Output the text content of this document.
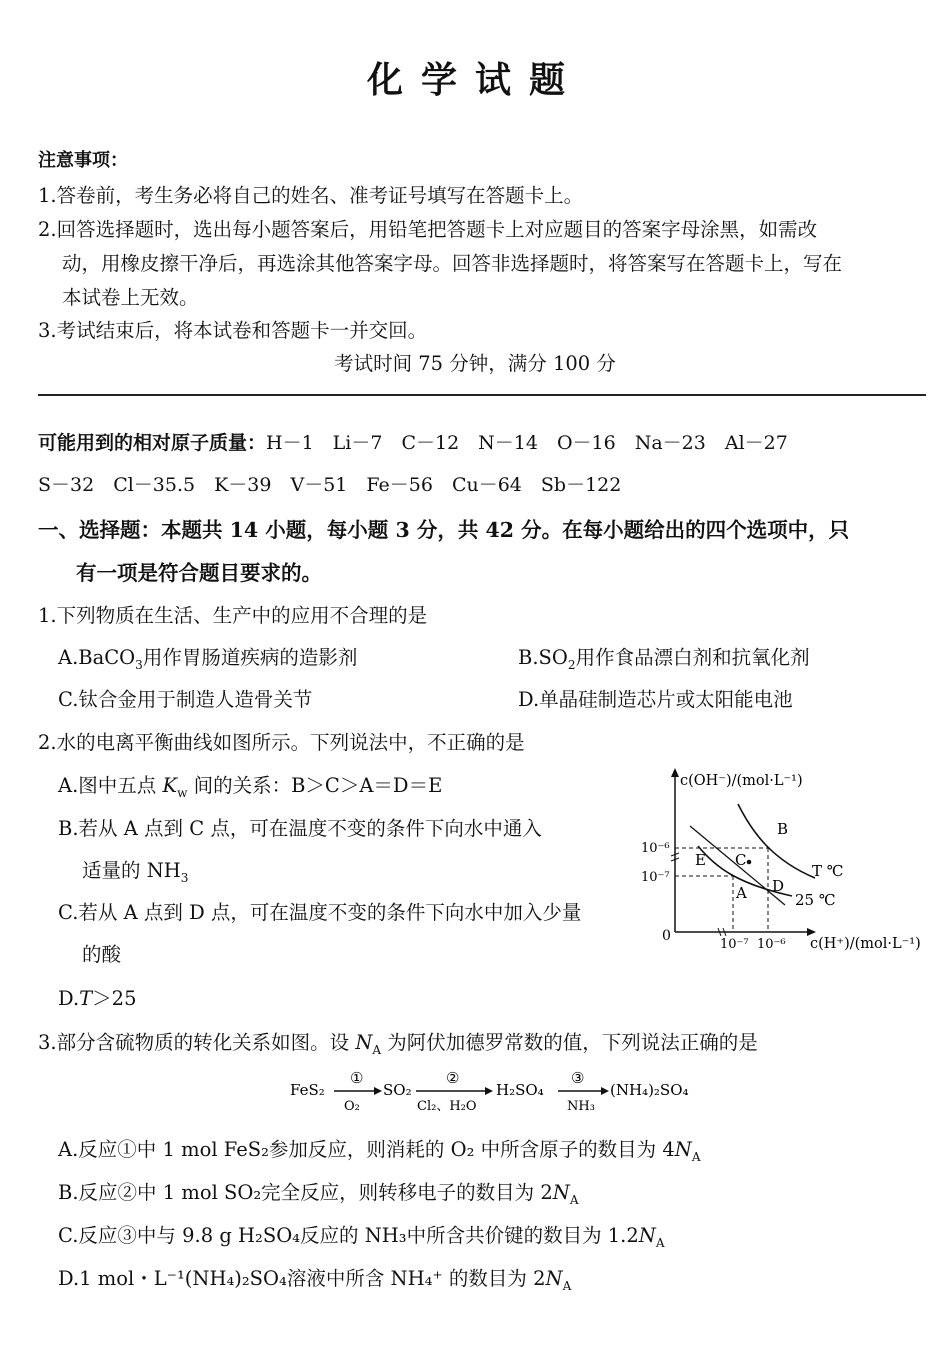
化学试题
注意事项：
1.答卷前，考生务必将自己的姓名、准考证号填写在答题卡上。
2.回答选择题时，选出每小题答案后，用铅笔把答题卡上对应题目的答案字母涂黑，如需改
动，用橡皮擦干净后，再选涂其他答案字母。回答非选择题时，将答案写在答题卡上，写在
本试卷上无效。
3.考试结束后，将本试卷和答题卡一并交回。
考试时间 75 分钟，满分 100 分
可能用到的相对原子质量：H－1　Li－7　C－12　N－14　O－16　Na－23　Al－27
S－32　Cl－35.5　K－39　V－51　Fe－56　Cu－64　Sb－122
一、选择题：本题共 14 小题，每小题 3 分，共 42 分。在每小题给出的四个选项中，只
有一项是符合题目要求的。
1.下列物质在生活、生产中的应用不合理的是
A.BaCO$_3$用作胃肠道疾病的造影剂	$B.SO_2$用作食品漂白剂和抗氧化剂
C.钛合金用于制造人造骨关节	D.单晶硅制造芯片或太阳能电池
2.水的电离平衡曲线如图所示。下列说法中，不正确的是
A.图中五点 $K_w$ 间的关系：B＞C＞A＝D＝E
B.若从 A 点到 C 点，可在温度不变的条件下向水中通入
适量的 $NH_3$
C.若从 A 点到 D 点，可在温度不变的条件下向水中加入少量
的酸
D.T＞25
B
C
E
A D
T ℃
25 ℃
c(OH⁻)/(mol·L⁻¹)
c(H⁺)/(mol·L⁻¹)
0
10⁻⁶
10⁻⁷
10⁻⁷ 10⁻⁶
3.部分含硫物质的转化关系如图。设 $N_A$ 为阿伏加德罗常数的值，下列说法正确的是
FeS₂
①
O₂
SO₂
②
Cl₂、H₂O
H₂SO₄
③
NH₃
(NH₄)₂SO₄
A.反应①中 1 mol FeS₂参加反应，则消耗的 O₂ 中所含原子的数目为 $4N_A$
B.反应②中 1 mol SO₂完全反应，则转移电子的数目为 $2N_A$
C.反应③中与 9.8 g H₂SO₄反应的 NH₃中所含共价键的数目为 $1.2N_A$
D.1 mol・L⁻¹(NH₄)₂SO₄溶液中所含 NH₄⁺ 的数目为 $2N_A$
